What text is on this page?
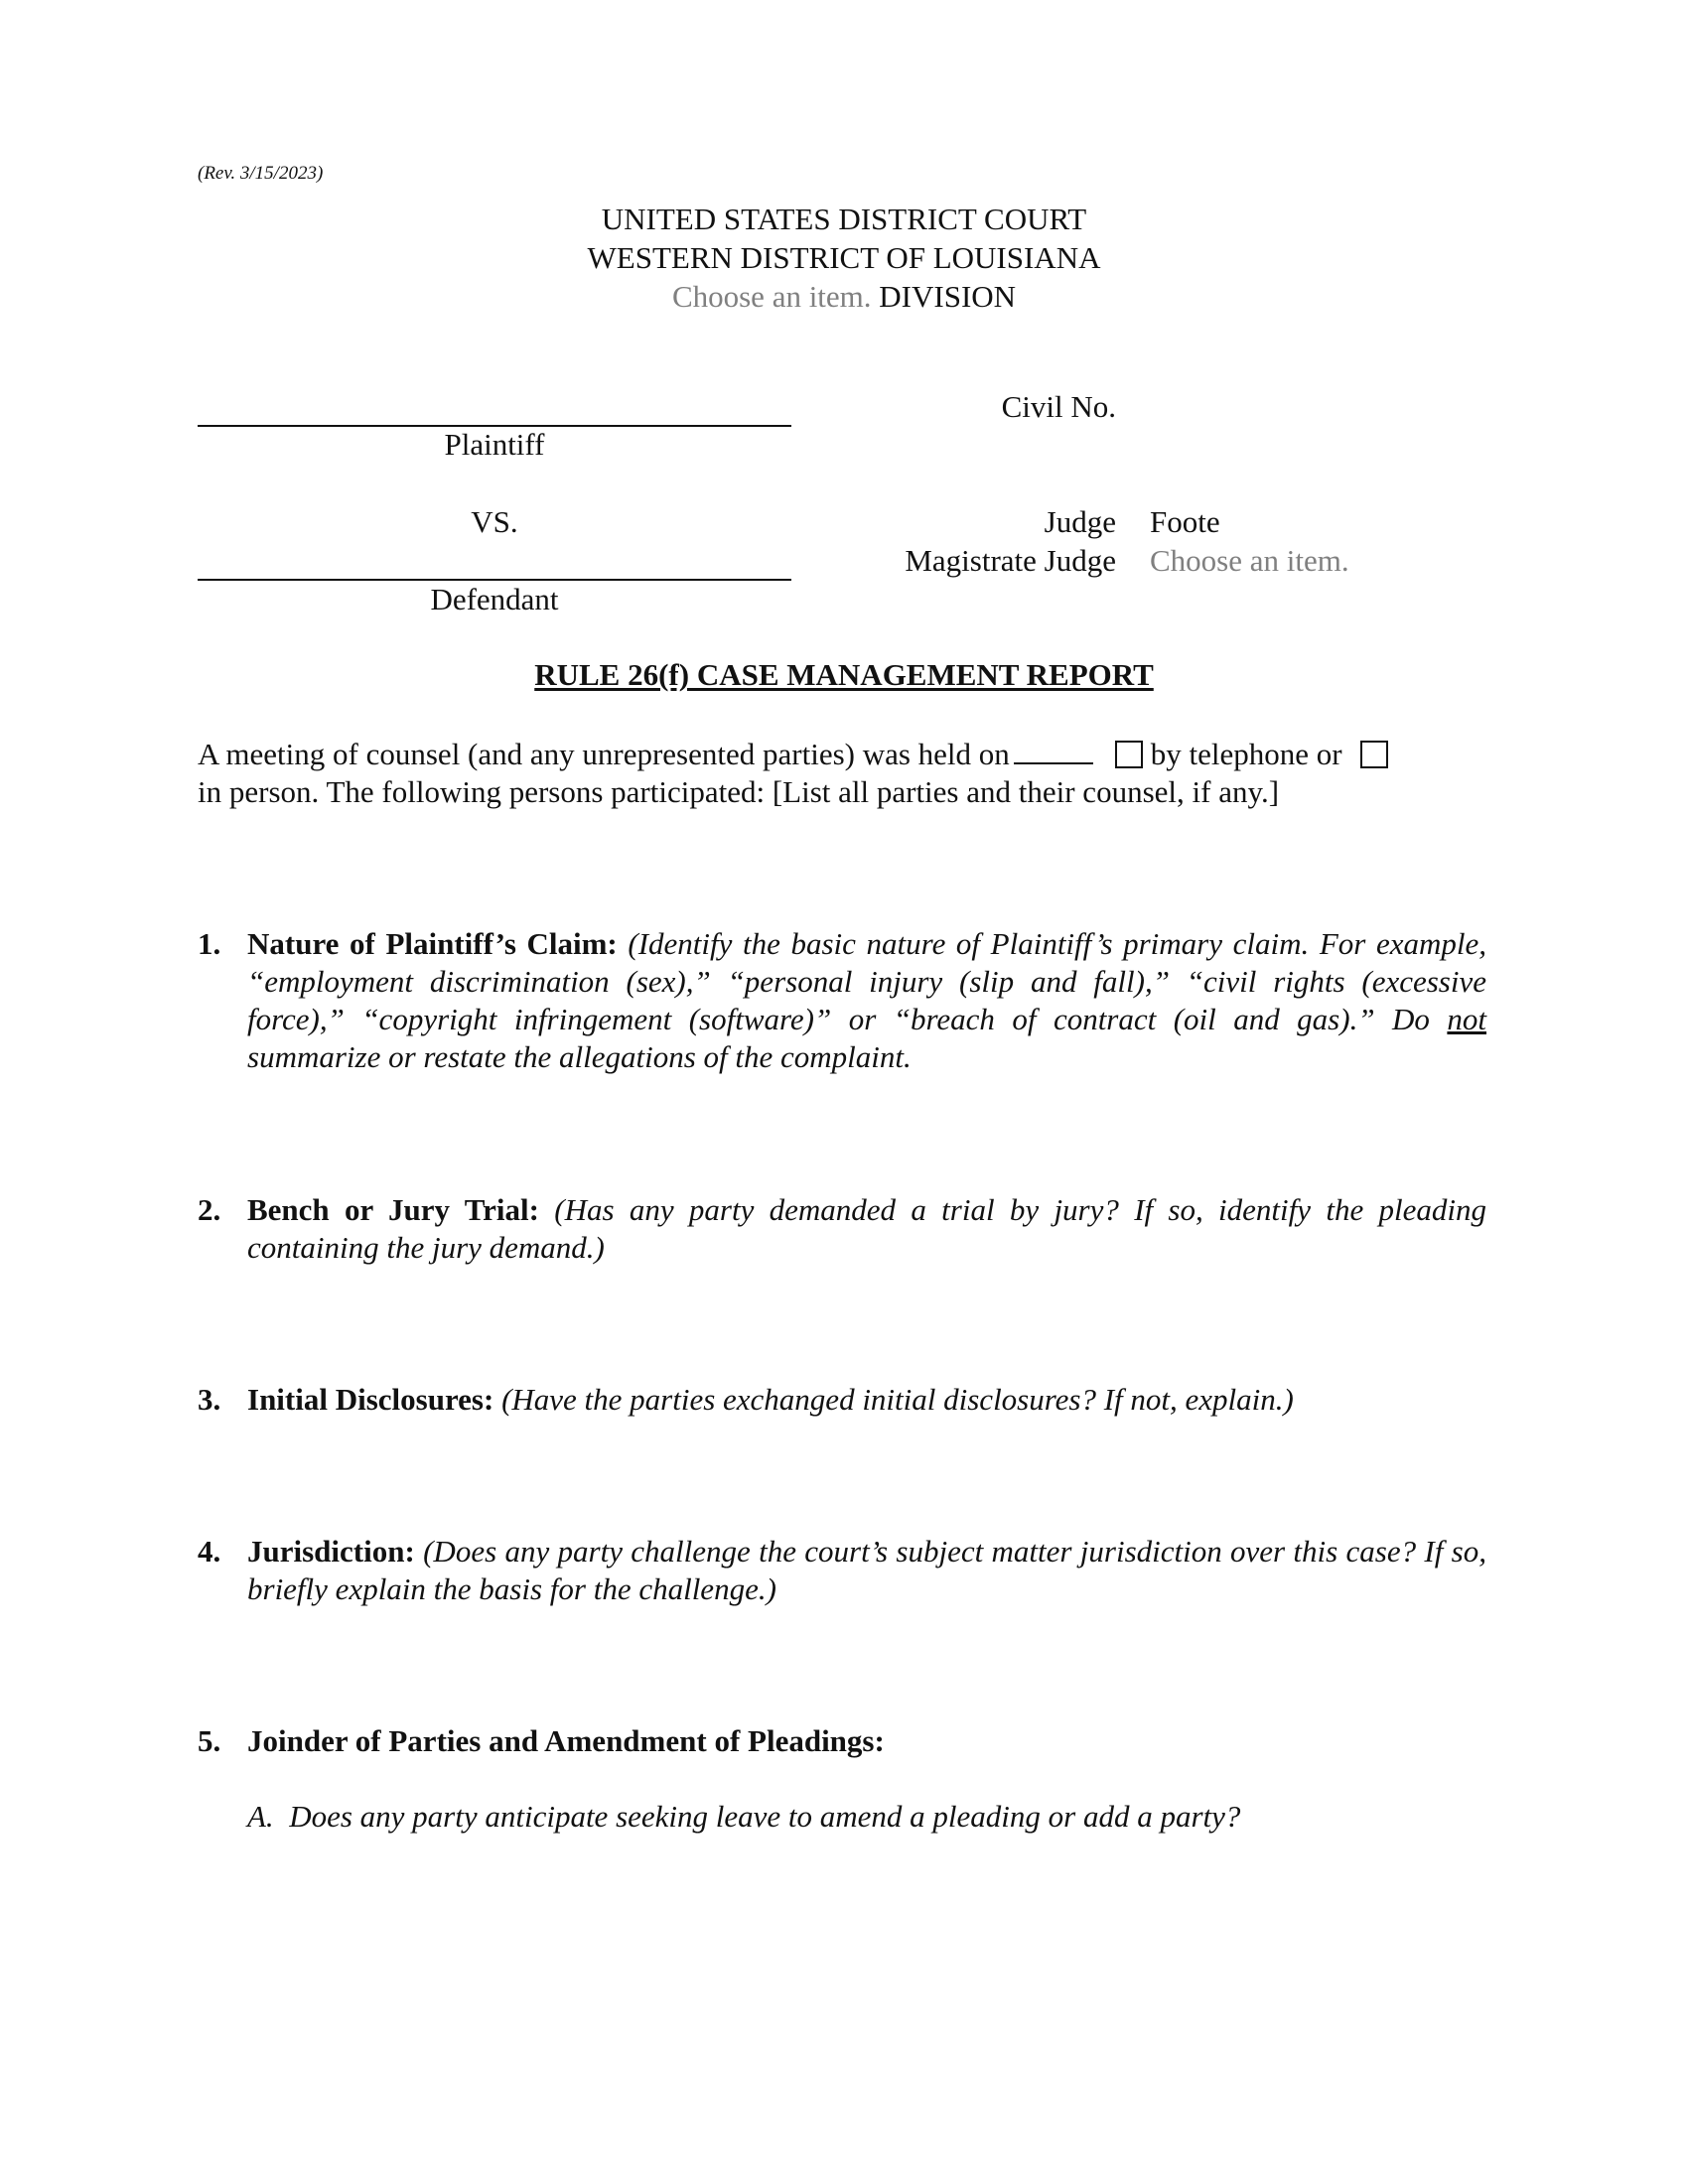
(Rev. 3/15/2023)
UNITED STATES DISTRICT COURT
WESTERN DISTRICT OF LOUISIANA
Choose an item. DIVISION
Plaintiff
VS.
Defendant
Civil No.
Judge Foote
Magistrate Judge Choose an item.
RULE 26(f) CASE MANAGEMENT REPORT
A meeting of counsel (and any unrepresented parties) was held on	by telephone or
in person. The following persons participated: [List all parties and their counsel, if any.]
1. Nature of Plaintiff’s Claim: (Identify the basic nature of Plaintiff’s primary claim. For example, “employment discrimination (sex),” “personal injury (slip and fall),” “civil rights (excessive force),” “copyright infringement (software)” or “breach of contract (oil and gas).” Do not summarize or restate the allegations of the complaint.
2. Bench or Jury Trial: (Has any party demanded a trial by jury? If so, identify the pleading containing the jury demand.)
3. Initial Disclosures: (Have the parties exchanged initial disclosures? If not, explain.)
4. Jurisdiction: (Does any party challenge the court’s subject matter jurisdiction over this case? If so, briefly explain the basis for the challenge.)
5. Joinder of Parties and Amendment of Pleadings:
A. Does any party anticipate seeking leave to amend a pleading or add a party?
